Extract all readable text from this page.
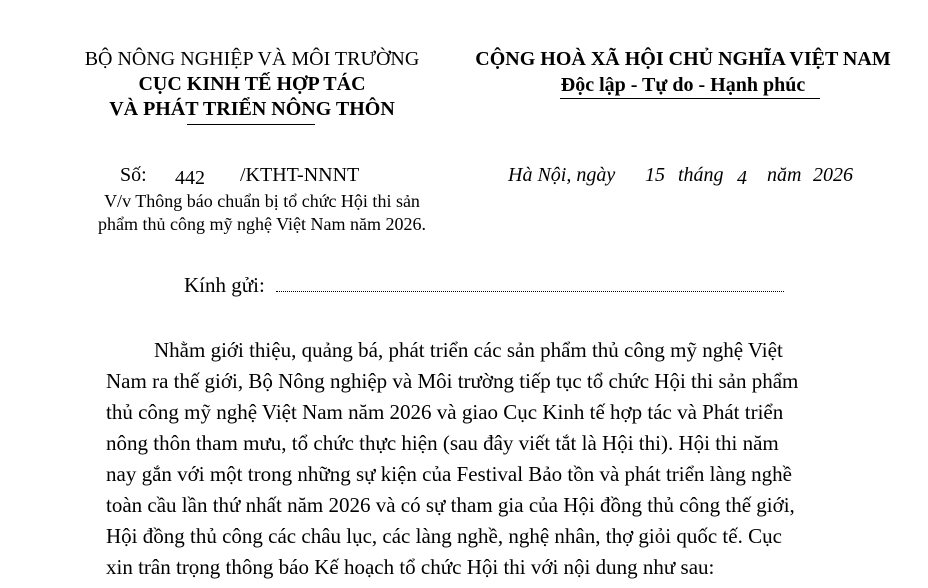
BỘ NÔNG NGHIỆP VÀ MÔI TRƯỜNG
CỤC KINH TẾ HỢP TÁC
VÀ PHÁT TRIỂN NÔNG THÔN
CỘNG HOÀ XÃ HỘI CHỦ NGHĨA VIỆT NAM
Độc lập - Tự do - Hạnh phúc
Số: 442 /KTHT-NNNT
V/v Thông báo chuẩn bị tổ chức Hội thi sản
phẩm thủ công mỹ nghệ Việt Nam năm 2026.
Hà Nội, ngày 15 tháng 4 năm 2026
Kính gửi:
Nhằm giới thiệu, quảng bá, phát triển các sản phẩm thủ công mỹ nghệ Việt
Nam ra thế giới, Bộ Nông nghiệp và Môi trường tiếp tục tổ chức Hội thi sản phẩm
thủ công mỹ nghệ Việt Nam năm 2026 và giao Cục Kinh tế hợp tác và Phát triển
nông thôn tham mưu, tổ chức thực hiện (sau đây viết tắt là Hội thi). Hội thi năm
nay gắn với một trong những sự kiện của Festival Bảo tồn và phát triển làng nghề
toàn cầu lần thứ nhất năm 2026 và có sự tham gia của Hội đồng thủ công thế giới,
Hội đồng thủ công các châu lục, các làng nghề, nghệ nhân, thợ giỏi quốc tế. Cục
xin trân trọng thông báo Kế hoạch tổ chức Hội thi với nội dung như sau:
